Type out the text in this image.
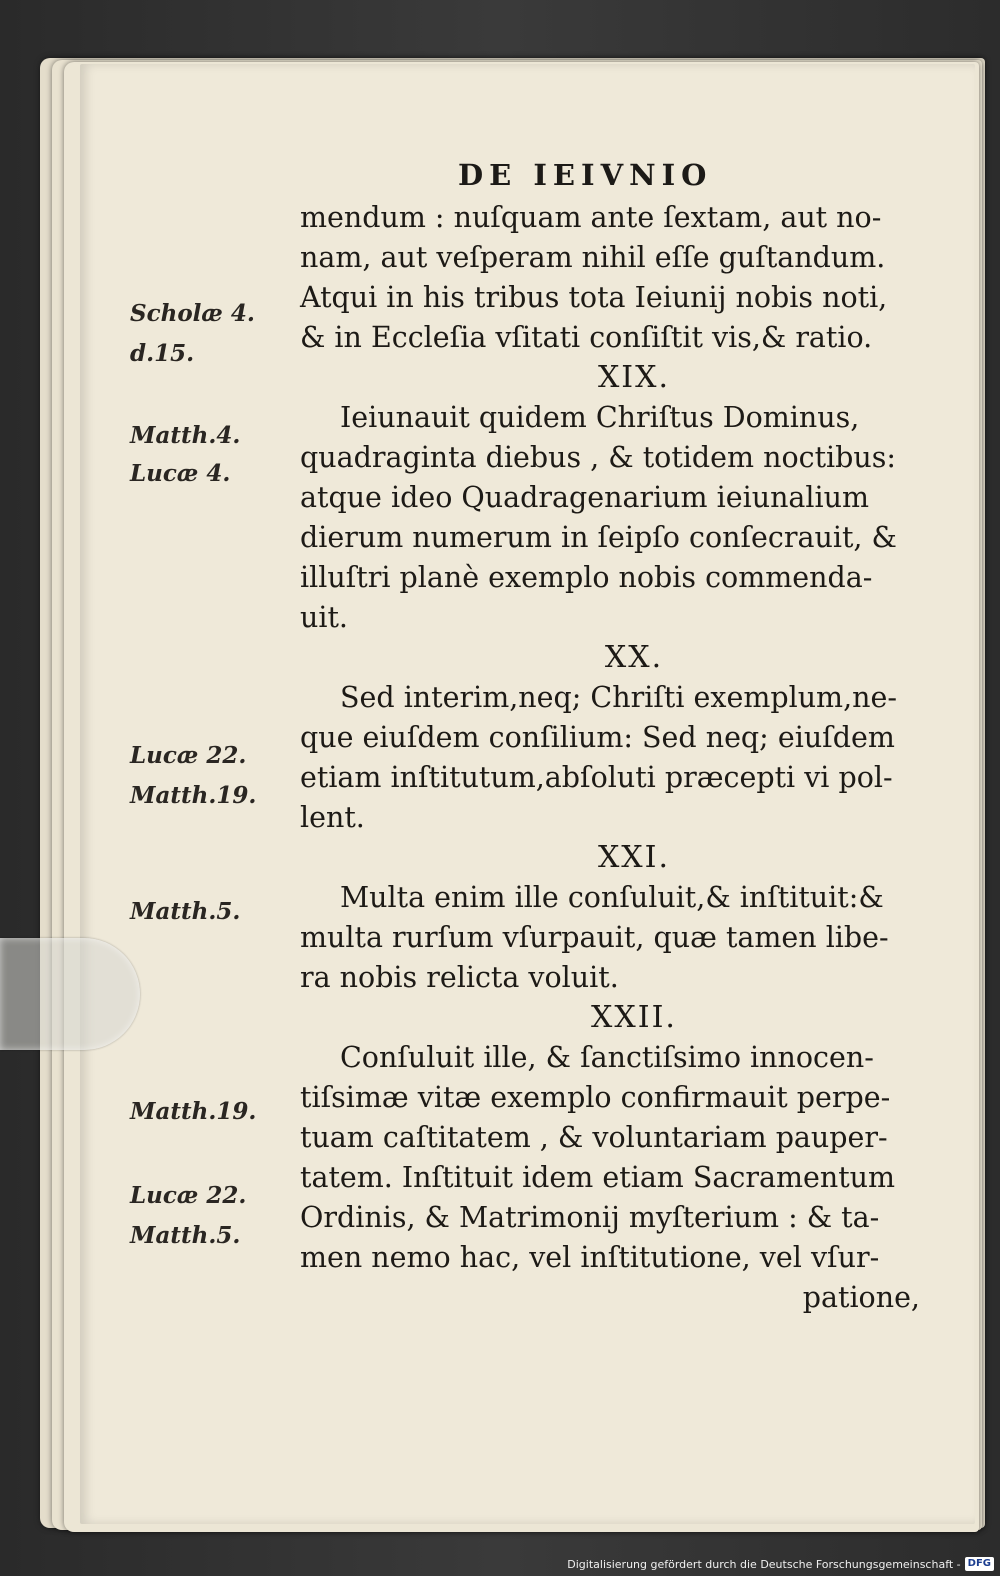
DE IEIVNIO
mendum : nuſquam ante ſextam, aut no-
nam, aut veſperam nihil eſſe guſtandum.
Atqui in his tribus tota Ieiunij nobis noti,
& in Eccleſia vſitati conſiſtit vis,& ratio.
XIX.
Ieiunauit quidem Chriſtus Dominus,
quadraginta diebus , & totidem noctibus:
atque ideo Quadragenarium ieiunalium
dierum numerum in ſeipſo conſecrauit, &
illuſtri planè exemplo nobis commenda-
uit.
XX.
Sed interim,neq; Chriſti exemplum,ne-
que eiuſdem conſilium: Sed neq; eiuſdem
etiam inſtitutum,abſoluti præcepti vi pol-
lent.
XXI.
Multa enim ille conſuluit,& inſtituit:&
multa rurſum vſurpauit, quæ tamen libe-
ra nobis relicta voluit.
XXII.
Conſuluit ille, & ſanctiſsimo innocen-
tiſsimæ vitæ exemplo confirmauit perpe-
tuam caſtitatem , & voluntariam pauper-
tatem. Inſtituit idem etiam Sacramentum
Ordinis, & Matrimonij myſterium : & ta-
men nemo hac, vel inſtitutione, vel vſur-
patione,

Scholæ 4.

d.15.

Matth.4.

Lucæ 4.

Lucæ 22.

Matth.19.

Matth.5.

Matth.19.

Lucæ 22.

Matth.5.

Digitalisierung gefördert durch die Deutsche Forschungsgemeinschaft - DFG
